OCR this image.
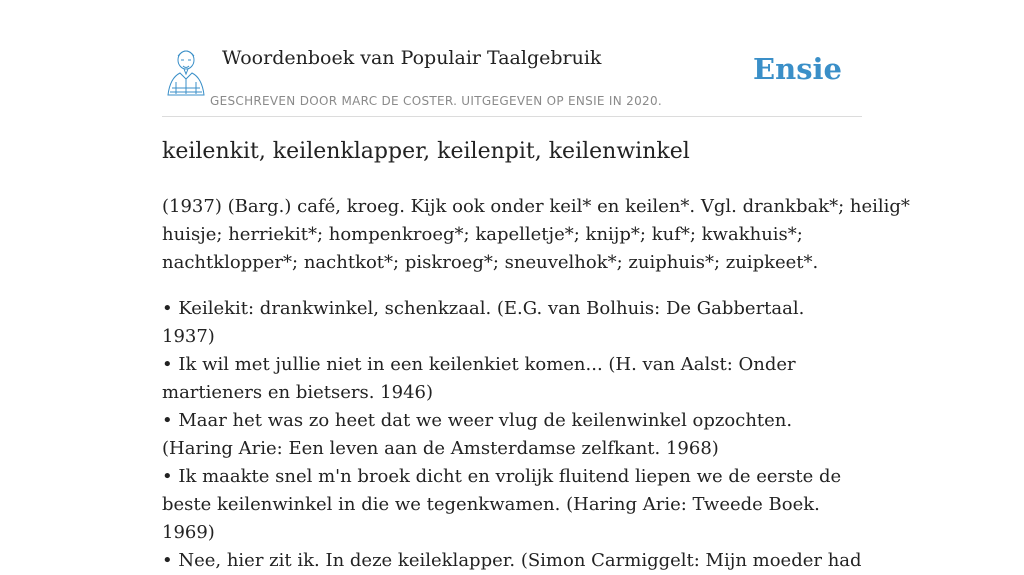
Woordenboek van Populair Taalgebruik
GESCHREVEN DOOR MARC DE COSTER. UITGEGEVEN OP ENSIE IN 2020.
Ensie
keilenkit, keilenklapper, keilenpit, keilenwinkel
(1937) (Barg.) café, kroeg. Kijk ook onder keil* en keilen*. Vgl. drankbak*; heilig*
huisje; herriekit*; hompenkroeg*; kapelletje*; knijp*; kuf*; kwakhuis*;
nachtklopper*; nachtkot*; piskroeg*; sneuvelhok*; zuiphuis*; zuipkeet*.
• Keilekit: drankwinkel, schenkzaal. (E.G. van Bolhuis: De Gabbertaal. 1937)
• Ik wil met jullie niet in een keilenkiet komen... (H. van Aalst: Onder martieners en bietsers. 1946)
• Maar het was zo heet dat we weer vlug de keilenwinkel opzochten. (Haring Arie: Een leven aan de Amsterdamse zelfkant. 1968)
• Ik maakte snel m'n broek dicht en vrolijk fluitend liepen we de eerste de beste keilenwinkel in die we tegenkwamen. (Haring Arie: Tweede Boek. 1969)
• Nee, hier zit ik. In deze keileklapper. (Simon Carmiggelt: Mijn moeder had
